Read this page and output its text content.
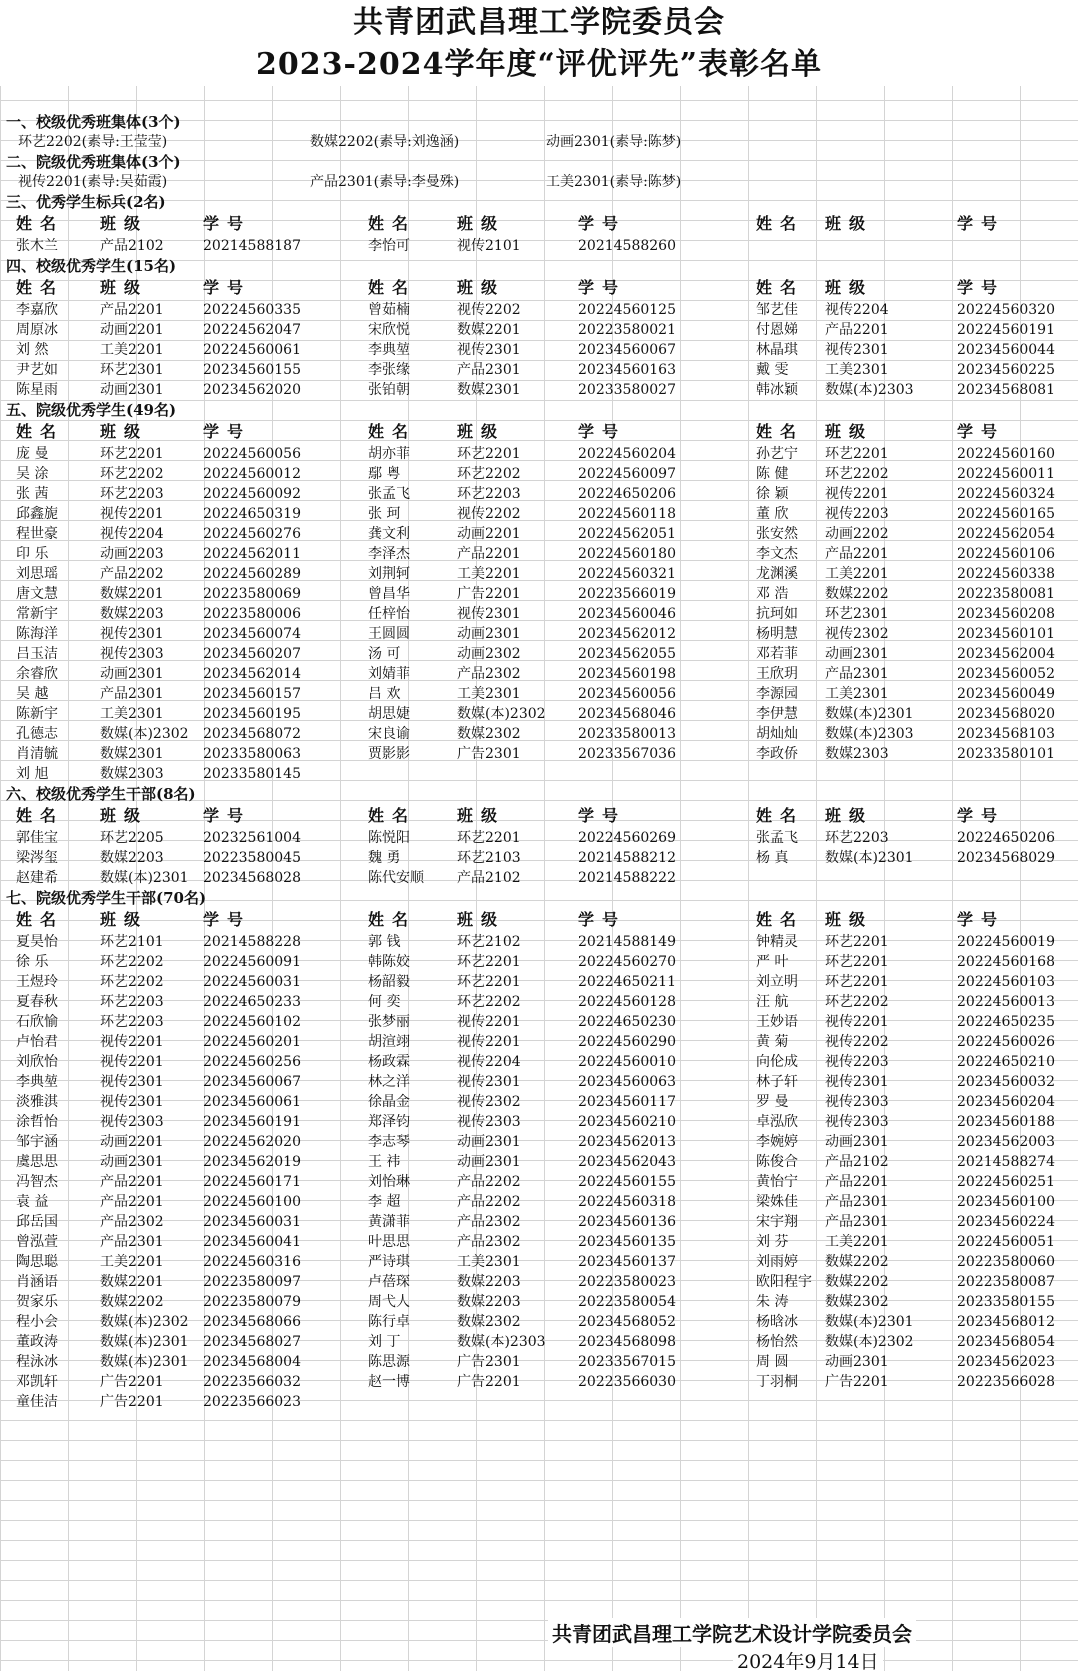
共青团武昌理工学院委员会
2023-2024学年度“评优评先”表彰名单
一、校级优秀班集体(3个)
环艺2202(素导:王莹莹)	数媒2202(素导:刘逸涵)	动画2301(素导:陈梦)
二、院级优秀班集体(3个)
视传2201(素导:吴茹霞)	产品2301(素导:李曼殊)	工美2301(素导:陈梦)
三、优秀学生标兵(2名)
姓名 班级	学号	姓名	班级	学号	姓名 班级	学号
张木兰	产品2102	20214588187	李怡可	视传2101	20214588260
四、校级优秀学生(15名)
姓名 班级	学号	姓名	班级	学号	姓名 班级	学号
李嘉欣	产品2201	20224560335	曾茹楠	视传2202	20224560125	邹艺佳 视传2204	20224560320
周原冰	动画2201	20224562047	宋欣悦	数媒2201	20223580021	付恩娣 产品2201	20224560191
刘 然	工美2201	20224560061	李典堃	视传2301	20234560067	林晶琪 视传2301	20234560044
尹艺如	环艺2301	20234560155	李张缘	产品2301	20234560163	戴 雯	工美2301	20234560225
陈星雨	动画2301	20234562020	张铂朝	数媒2301	20233580027	韩冰颖 数媒(本)2303	20234568081
五、院级优秀学生(49名)
姓名 班级	学号	姓名	班级	学号	姓名 班级	学号
庞 曼	环艺2201	20224560056	胡亦菲	环艺2201	20224560204	孙艺宁 环艺2201	20224560160
吴 涂	环艺2202	20224560012	鄢 粤	环艺2202	20224560097	陈 健	环艺2202	20224560011
张 茜	环艺2203	20224560092	张孟飞	环艺2203	20224650206	徐 颖	视传2201	20224560324
邱鑫旎	视传2201	20224650319	张 珂	视传2202	20224560118	董 欣	视传2203	20224560165
程世豪	视传2204	20224560276	龚文利	动画2201	20224562051	张安然 动画2202	20224562054
印 乐	动画2203	20224562011	李泽杰	产品2201	20224560180	李文杰 产品2201	20224560106
刘思瑶	产品2202	20224560289	刘荆轲	工美2201	20224560321	龙渊溪 工美2201	20224560338
唐文慧	数媒2201	20223580069	曾昌华	广告2201	20223566019	邓 浩	数媒2202	20223580081
常新宇	数媒2203	20223580006	任梓怡	视传2301	20234560046	抗珂如 环艺2301	20234560208
陈海洋	视传2301	20234560074	王圆圆	动画2301	20234562012	杨明慧 视传2302	20234560101
吕玉洁	视传2303	20234560207	汤 可	动画2302	20234562055	邓若菲 动画2301	20234562004
余睿欣	动画2301	20234562014	刘婧菲	产品2302	20234560198	王欣玥 产品2301	20234560052
吴 越	产品2301	20234560157	吕 欢	工美2301	20234560056	李源园 工美2301	20234560049
陈新宇	工美2301	20234560195	胡思婕	数媒(本)2302 20234568046	李伊慧 数媒(本)2301	20234568020
孔德志	数媒(本)2302 20234568072	宋良谕	数媒2302	20233580013	胡灿灿 数媒(本)2303	20234568103
肖清毓	数媒2301	20233580063	贾影影	广告2301	20233567036	李政侨 数媒2303	20233580101
刘 旭	数媒2303	20233580145
六、校级优秀学生干部(8名)
姓名 班级	学号	姓名	班级	学号	姓名 班级	学号
郭佳宝	环艺2205	20232561004	陈悦阳	环艺2201	20224560269	张孟飞 环艺2203	20224650206
梁涔玺	数媒2203	20223580045	魏 勇	环艺2103	20214588212	杨 真	数媒(本)2301	20234568029
赵建希	数媒(本)2301 20234568028	陈代安顺 产品2102	20214588222
七、院级优秀学生干部(70名)
姓名 班级	学号	姓名	班级	学号	姓名 班级	学号
夏昊怡	环艺2101	20214588228	郭 钱	环艺2102	20214588149	钟精灵 环艺2201	20224560019
徐 乐	环艺2202	20224560091	韩陈姣	环艺2201	20224560270	严 叶	环艺2201	20224560168
王煜玲	环艺2202	20224560031	杨韶毅	环艺2201	20224650211	刘立明 环艺2201	20224560103
夏春秋	环艺2203	20224650233	何 奕	环艺2202	20224560128	汪 航	环艺2202	20224560013
石欣愉	环艺2203	20224560102	张梦丽	视传2201	20224650230	王妙语 视传2201	20224650235
卢怡君	视传2201	20224560201	胡渲翊	视传2201	20224560290	黄 菊	视传2202	20224560026
刘欣怡	视传2201	20224560256	杨政霖	视传2204	20224560010	向伦成 视传2203	20224650210
李典堃	视传2301	20234560067	林之洋	视传2301	20234560063	林子轩 视传2301	20234560032
淡雅淇	视传2301	20234560061	徐晶金	视传2302	20234560117	罗 曼	视传2303	20234560204
涂哲怡	视传2303	20234560191	郑泽钧	视传2303	20234560210	卓泓欣 视传2303	20234560188
邹宇涵	动画2201	20224562020	李志琴	动画2301	20234562013	李婉婷 动画2301	20234562003
虞思思	动画2301	20234562019	王 祎	动画2301	20234562043	陈俊合 产品2102	20214588274
冯智杰	产品2201	20224560171	刘怡琳	产品2202	20224560155	黄怡宁 产品2201	20224560251
袁 益	产品2201	20224560100	李 超	产品2202	20224560318	梁姝佳 产品2301	20234560100
邱岳国	产品2302	20234560031	黄潇菲	产品2302	20234560136	宋宇翔 产品2301	20234560224
曾泓萱	产品2301	20234560041	叶思思	产品2302	20234560135	刘 芬	工美2201	20224560051
陶思聪	工美2201	20224560316	严诗琪	工美2301	20234560137	刘雨婷 数媒2202	20223580060
肖涵语	数媒2201	20223580097	卢蓓琛	数媒2203	20223580023	欧阳程宇 数媒2202	20223580087
贺家乐	数媒2202	20223580079	周弋人	数媒2203	20223580054	朱 涛	数媒2302	20233580155
程小会	数媒(本)2302 20234568066	陈行卓	数媒2302	20234568052	杨晗冰 数媒(本)2301	20234568012
董政涛	数媒(本)2301 20234568027	刘 丁	数媒(本)2303 20234568098	杨怡然 数媒(本)2302	20234568054
程泳冰	数媒(本)2301 20234568004	陈思源	广告2301	20233567015	周 圆	动画2301	20234562023
邓凯轩	广告2201	20223566032	赵一博	广告2201	20223566030	丁羽桐 广告2201	20223566028
童佳洁	广告2201	20223566023
共青团武昌理工学院艺术设计学院委员会
2024年9月14日
